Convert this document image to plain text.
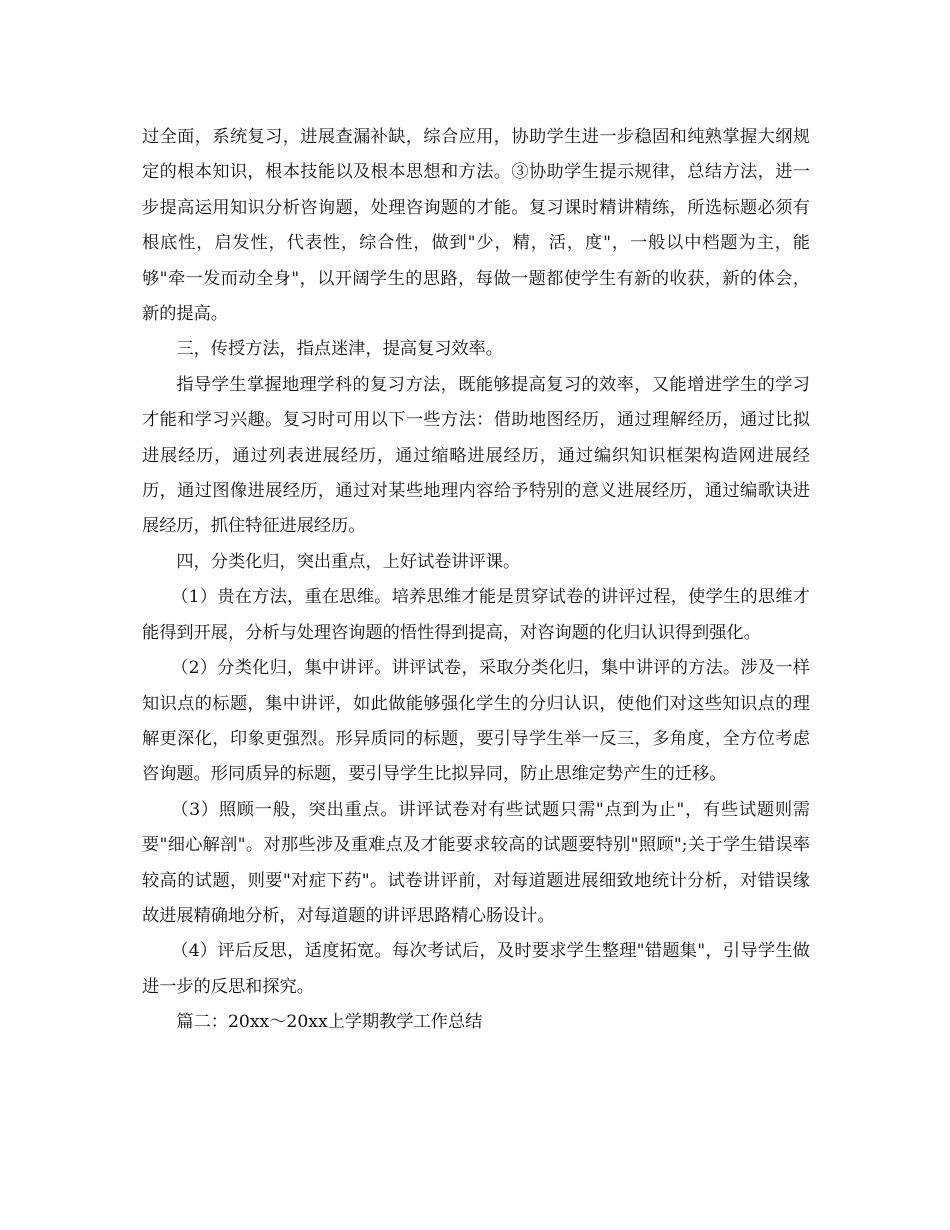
过全面，系统复习，进展查漏补缺，综合应用，协助学生进一步稳固和纯熟掌握大纲规定的根本知识，根本技能以及根本思想和方法。③协助学生提示规律，总结方法，进一步提高运用知识分析咨询题，处理咨询题的才能。复习课时精讲精练，所选标题必须有根底性，启发性，代表性，综合性，做到"少，精，活，度"，一般以中档题为主，能够"牵一发而动全身"，以开阔学生的思路，每做一题都使学生有新的收获，新的体会，新的提高。

三，传授方法，指点迷津，提高复习效率。

指导学生掌握地理学科的复习方法，既能够提高复习的效率，又能增进学生的学习才能和学习兴趣。复习时可用以下一些方法：借助地图经历，通过理解经历，通过比拟进展经历，通过列表进展经历，通过缩略进展经历，通过编织知识框架构造网进展经历，通过图像进展经历，通过对某些地理内容给予特别的意义进展经历，通过编歌诀进展经历，抓住特征进展经历。

四，分类化归，突出重点，上好试卷讲评课。

（1）贵在方法，重在思维。培养思维才能是贯穿试卷的讲评过程，使学生的思维才能得到开展，分析与处理咨询题的悟性得到提高，对咨询题的化归认识得到强化。

（2）分类化归，集中讲评。讲评试卷，采取分类化归，集中讲评的方法。涉及一样知识点的标题，集中讲评，如此做能够强化学生的分归认识，使他们对这些知识点的理解更深化，印象更强烈。形异质同的标题，要引导学生举一反三，多角度，全方位考虑咨询题。形同质异的标题，要引导学生比拟异同，防止思维定势产生的迁移。

（3）照顾一般，突出重点。讲评试卷对有些试题只需"点到为止"，有些试题则需要"细心解剖"。对那些涉及重难点及才能要求较高的试题要特别"照顾";关于学生错误率较高的试题，则要"对症下药"。试卷讲评前，对每道题进展细致地统计分析，对错误缘故进展精确地分析，对每道题的讲评思路精心肠设计。

（4）评后反思，适度拓宽。每次考试后，及时要求学生整理"错题集"，引导学生做进一步的反思和探究。

篇二：20xx～20xx上学期教学工作总结
